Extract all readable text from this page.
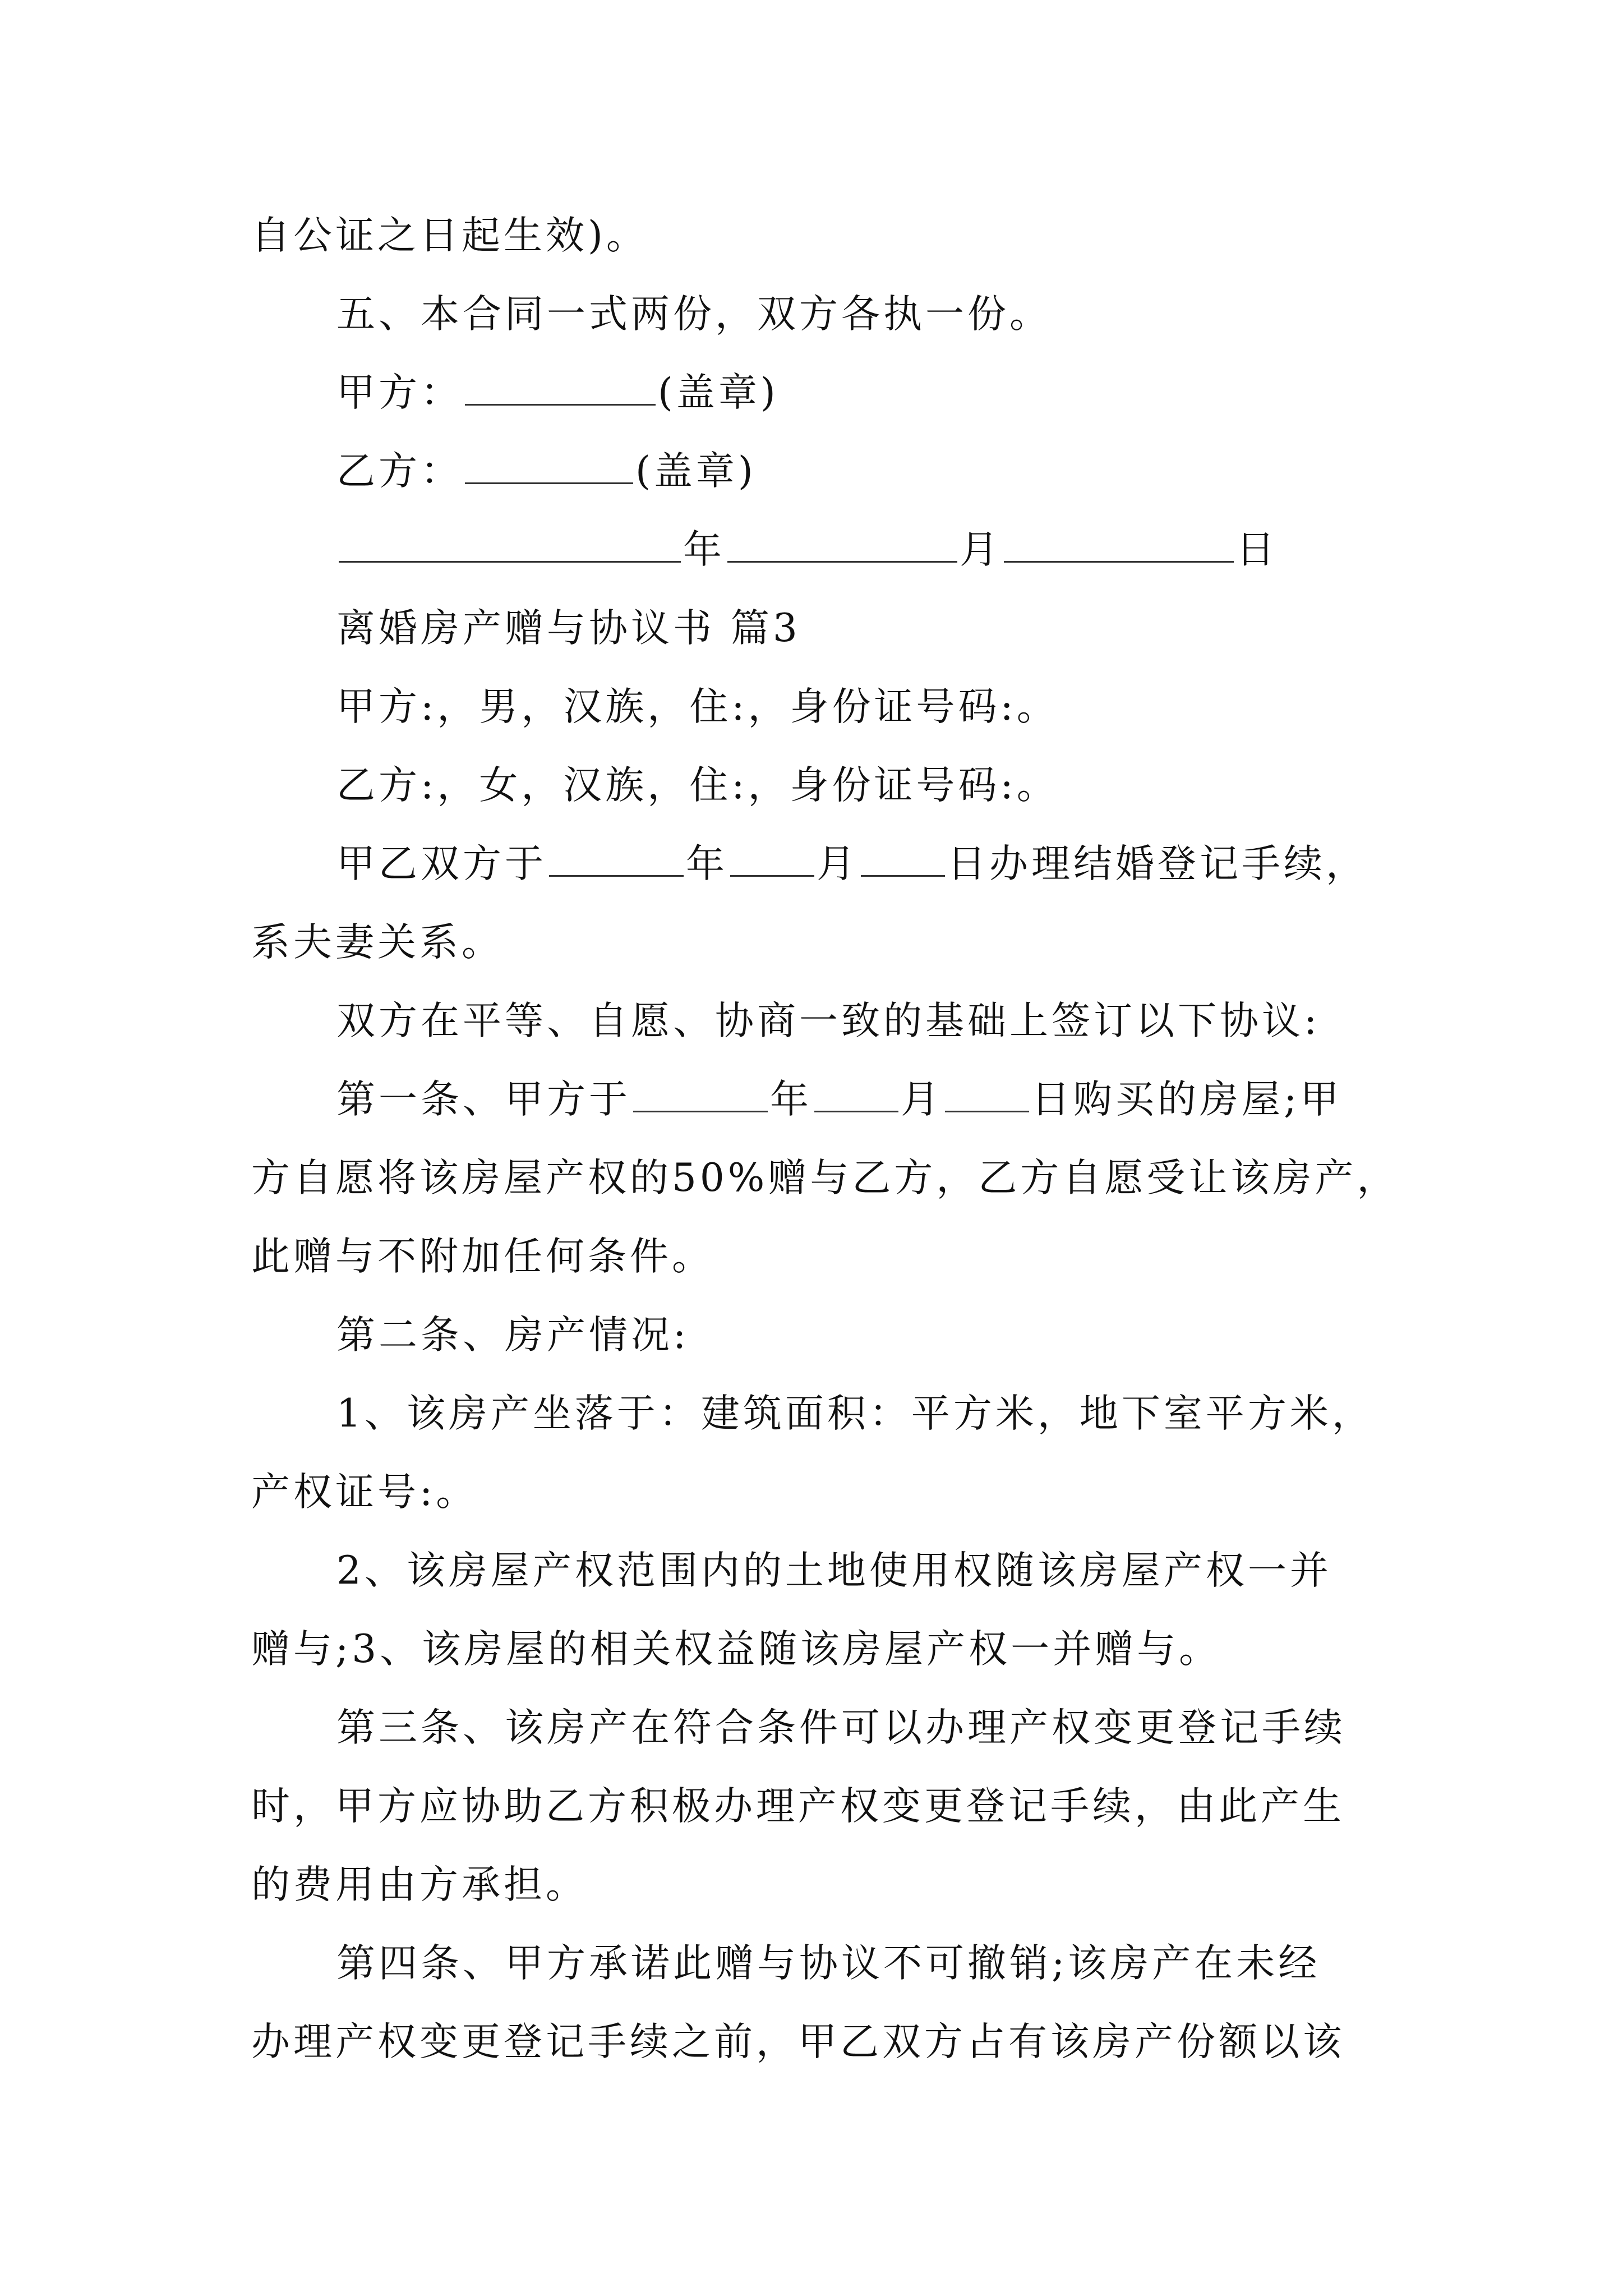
自公证之日起生效)。
五、本合同一式两份，双方各执一份。
甲方：	(盖章)
乙方：	(盖章)
年	月	日
离婚房产赠与协议书 篇3
甲方:，男，汉族，住:，身份证号码:。
乙方:，女，汉族，住:，身份证号码:。
甲乙双方于	年 月 日办理结婚登记手续，
系夫妻关系。
双方在平等、自愿、协商一致的基础上签订以下协议:
第一条、甲方于	年 月 日购买的房屋;甲
方自愿将该房屋产权的50%赠与乙方，乙方自愿受让该房产，
此赠与不附加任何条件。
第二条、房产情况:
1、该房产坐落于：建筑面积：平方米，地下室平方米，
产权证号:。
2、该房屋产权范围内的土地使用权随该房屋产权一并
赠与;3、该房屋的相关权益随该房屋产权一并赠与。
第三条、该房产在符合条件可以办理产权变更登记手续
时，甲方应协助乙方积极办理产权变更登记手续，由此产生
的费用由方承担。
第四条、甲方承诺此赠与协议不可撤销;该房产在未经
办理产权变更登记手续之前，甲乙双方占有该房产份额以该
